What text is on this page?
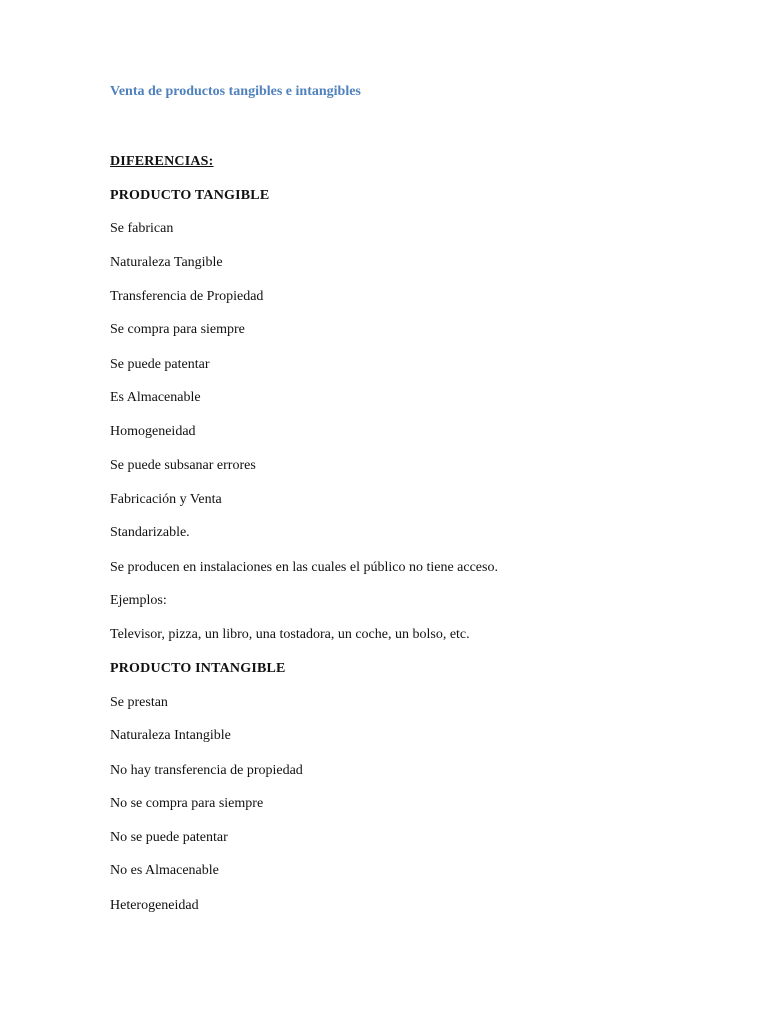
Venta de productos tangibles e intangibles
DIFERENCIAS:
PRODUCTO TANGIBLE
Se fabrican
Naturaleza Tangible
Transferencia de Propiedad
Se compra para siempre
Se puede patentar
Es Almacenable
Homogeneidad
Se puede subsanar errores
Fabricación y Venta
Standarizable.
Se producen en instalaciones en las cuales el público no tiene acceso.
Ejemplos:
Televisor, pizza, un libro, una tostadora, un coche, un bolso, etc.
PRODUCTO INTANGIBLE
Se prestan
Naturaleza Intangible
No hay transferencia de propiedad
No se compra para siempre
No se puede patentar
No es Almacenable
Heterogeneidad
